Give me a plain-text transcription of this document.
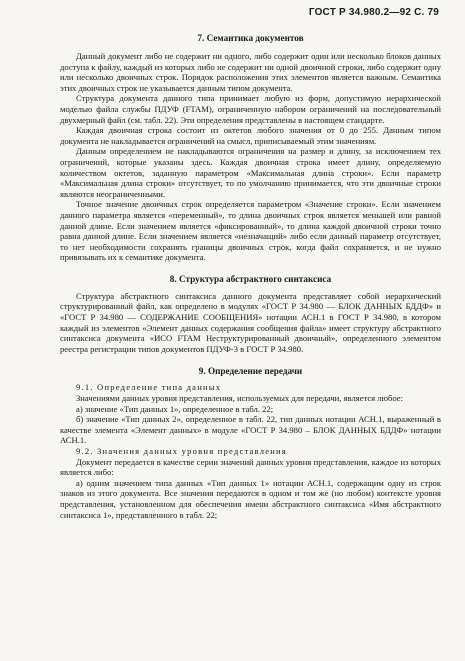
ГОСТ Р 34.980.2—92 С. 79
7. Семантика документов

Данный документ либо не содержит ни одного, либо содержит один или несколько блоков данных доступа к файлу, каждый из которых либо не содержит ни одной двоичной строки, либо содержит одну или несколько двоичных строк. Порядок расположения этих элементов является важным. Семантика этих двоичных строк не указывается данным типом документа.

Структура документа данного типа принимает любую из форм, допустимую иерархической моделью файла службы ПДУФ (FTAM), ограниченную набором ограничений на последовательный двухмерный файл (см. табл. 22). Эти определения представлены в настоящем стандарте.

Каждая двоичная строка состоит из октетов любого значения от 0 до 255. Данным типом документа не накладывается ограничений на смысл, приписываемый этим значениям.

Данным определением не накладываются ограничения на размер и длину, за исключением тех ограничений, которые указаны здесь. Каждая двоичная строка имеет длину, определяемую количеством октетов, заданную параметром «Максимальная длина строки». Если параметр «Максимальная длина строки» отсутствует, то по умолчанию принимается, что эти двоичные строки являются неограниченными.

Точное значение двоичных строк определяется параметром «Значение строки». Если значением данного параметра является «переменный», то длина двоичных строк является меньшей или равной данной длине. Если значением является «фиксированный», то длина каждой двоичной строки точно равна данной длине. Если значением является «незначащий» либо если данный параметр отсутствует, то нет необходимости сохранять границы двоичных строк, когда файл сохраняется, и не нужно привязывать их к семантике документа.

8. Структура абстрактного синтаксиса

Структура абстрактного синтаксиса данного документа представляет собой иерархический структурированный файл, как определено в модулях «ГОСТ Р 34.980 — БЛОК ДАННЫХ БДДФ» и «ГОСТ Р 34.980 — СОДЕРЖАНИЕ СООБЩЕНИЯ» нотации АСН.1 в ГОСТ Р 34.980, в котором каждый из элементов «Элемент данных содержания сообщения файла» имеет структуру абстрактного синтаксиса документа «ИСО FTAM Неструктурированный двоичный», определенного элементом реестра регистрации типов документов ПДУФ-3 в ГОСТ Р 34.980.

9. Определение передачи

9.1. Определение типа данных

Значениями данных уровня представления, используемых для передачи, является любое:

а) значение «Тип данных 1», определенное в табл. 22;

б) значение «Тип данных 2», определенное в табл. 22, тип данных нотации АСН.1, выраженный в качестве элемента «Элемент данных» в модуле «ГОСТ Р 34.980 – БЛОК ДАННЫХ БДДФ» нотации АСН.1.

9.2. Значения данных уровня представления

Документ передается в качестве серии значений данных уровня представления, каждое из которых является либо:

а) одним значением типа данных «Тип данных 1» нотации АСН.1, содержащим одну из строк знаков из этого документа. Все значения передаются в одном и том же (но любом) контексте уровня представления, установленном для обеспечения имени абстрактного синтаксиса «Имя абстрактного синтаксиса 1», представленного в табл. 22;
